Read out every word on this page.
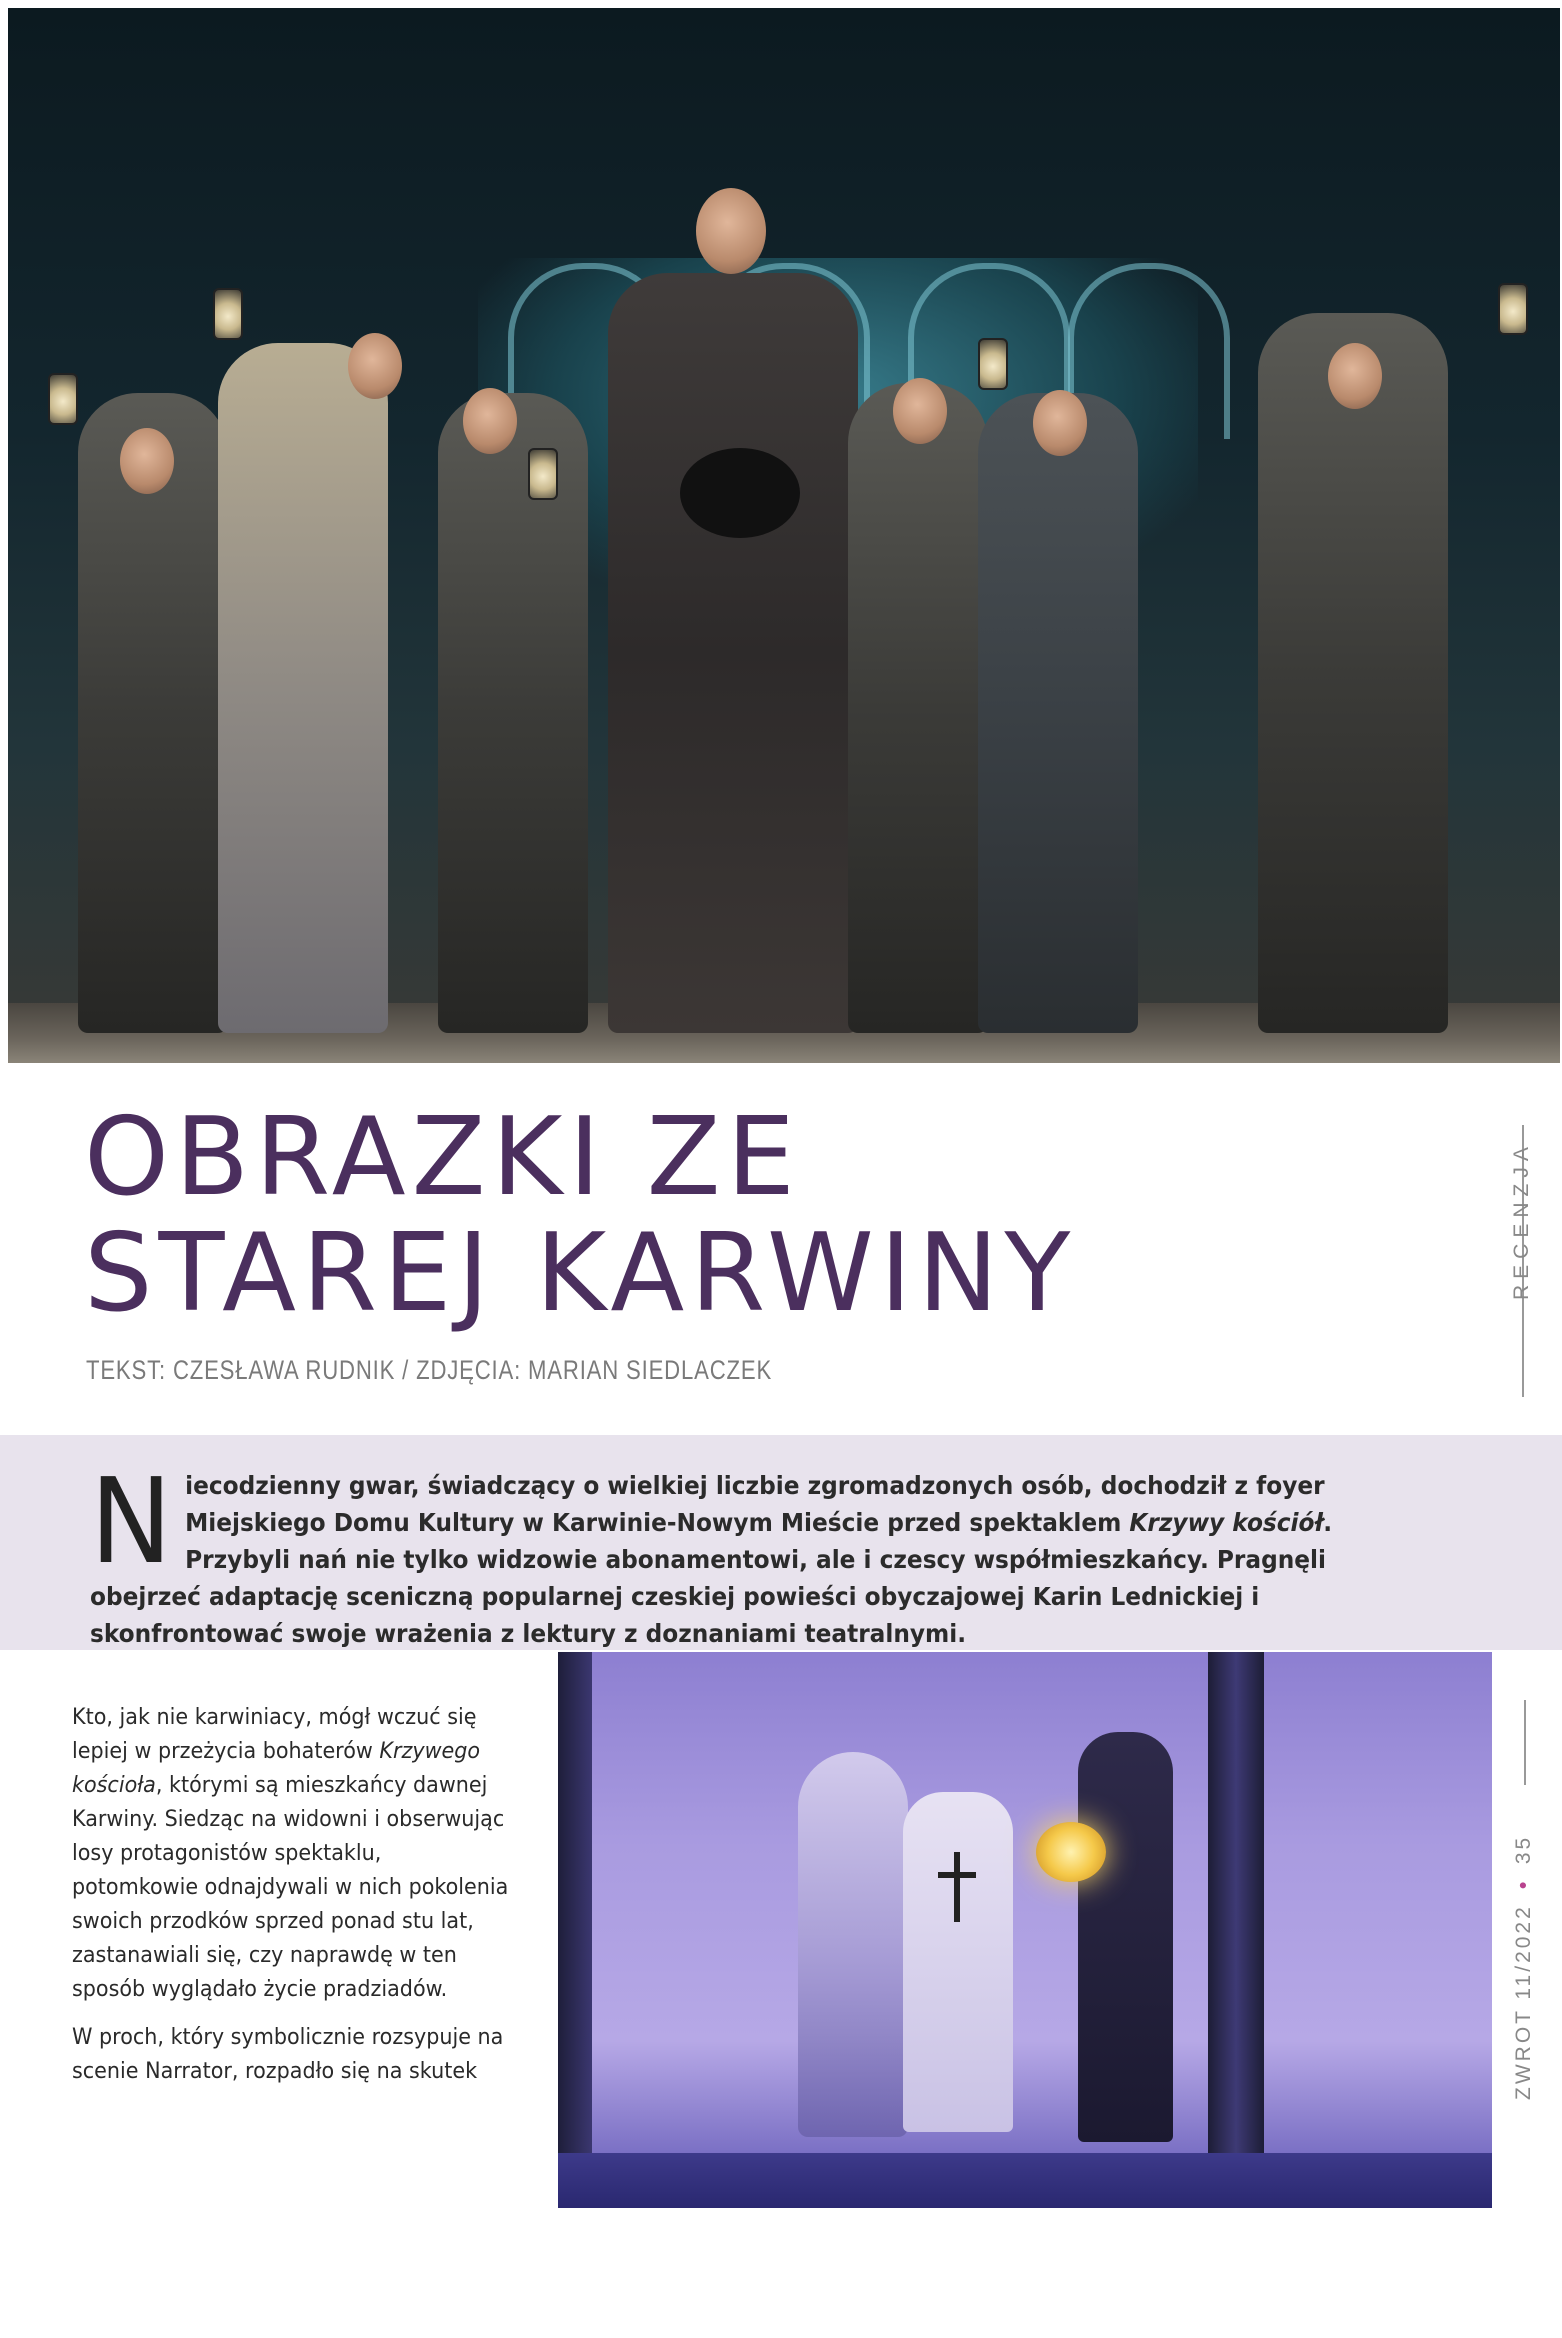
OBRAZKI ZE
STAREJ KARWINY
TEKST: CZESŁAWA RUDNIK / ZDJĘCIA: MARIAN SIEDLACZEK
RECENZJA

Niecodzienny gwar, świadczący o wielkiej liczbie zgromadzonych osób, dochodził z foyer Miejskiego Domu Kultury w Karwinie-Nowym Mieście przed spektaklem Krzywy kościół. Przybyli nań nie tylko widzowie abonamentowi, ale i czescy współmieszkańcy. Pragnęli obejrzeć adaptację sceniczną popularnej czeskiej powieści obyczajowej Karin Lednickiej i skonfrontować swoje wrażenia z lektury z doznaniami teatralnymi.

Kto, jak nie karwiniacy, mógł wczuć się lepiej w przeżycia bohaterów Krzywego kościoła, którymi są mieszkańcy dawnej Karwiny. Siedząc na widowni i obserwując losy protagonistów spektaklu, potomkowie odnajdywali w nich pokolenia swoich przodków sprzed ponad stu lat, zastanawiali się, czy naprawdę w ten sposób wyglądało życie pradziadów.

W proch, który symbolicznie rozsypuje na scenie Narrator, rozpadło się na skutek	ZWROT 11/2022 • 35
